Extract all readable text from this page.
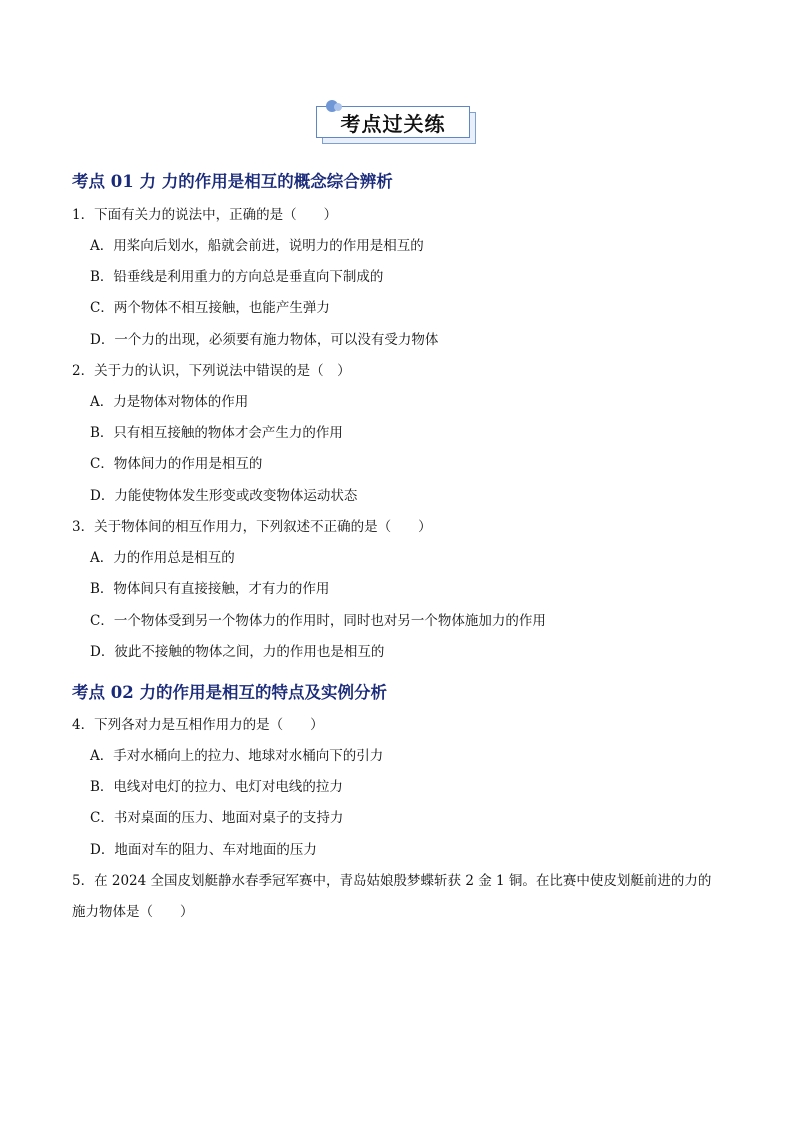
考点过关练
考点 01 力 力的作用是相互的概念综合辨析
1．下面有关力的说法中，正确的是（　　）
A．用桨向后划水，船就会前进，说明力的作用是相互的
B．铅垂线是利用重力的方向总是垂直向下制成的
C．两个物体不相互接触，也能产生弹力
D．一个力的出现，必须要有施力物体，可以没有受力物体
2．关于力的认识，下列说法中错误的是（　）
A．力是物体对物体的作用
B．只有相互接触的物体才会产生力的作用
C．物体间力的作用是相互的
D．力能使物体发生形变或改变物体运动状态
3．关于物体间的相互作用力，下列叙述不正确的是（　　）
A．力的作用总是相互的
B．物体间只有直接接触，才有力的作用
C．一个物体受到另一个物体力的作用时，同时也对另一个物体施加力的作用
D．彼此不接触的物体之间，力的作用也是相互的
考点 02 力的作用是相互的特点及实例分析
4．下列各对力是互相作用力的是（　　）
A．手对水桶向上的拉力、地球对水桶向下的引力
B．电线对电灯的拉力、电灯对电线的拉力
C．书对桌面的压力、地面对桌子的支持力
D．地面对车的阻力、车对地面的压力
5．在 2024 全国皮划艇静水春季冠军赛中，青岛姑娘殷梦蝶斩获 2 金 1 铜。在比赛中使皮划艇前进的力的
施力物体是（　　）
